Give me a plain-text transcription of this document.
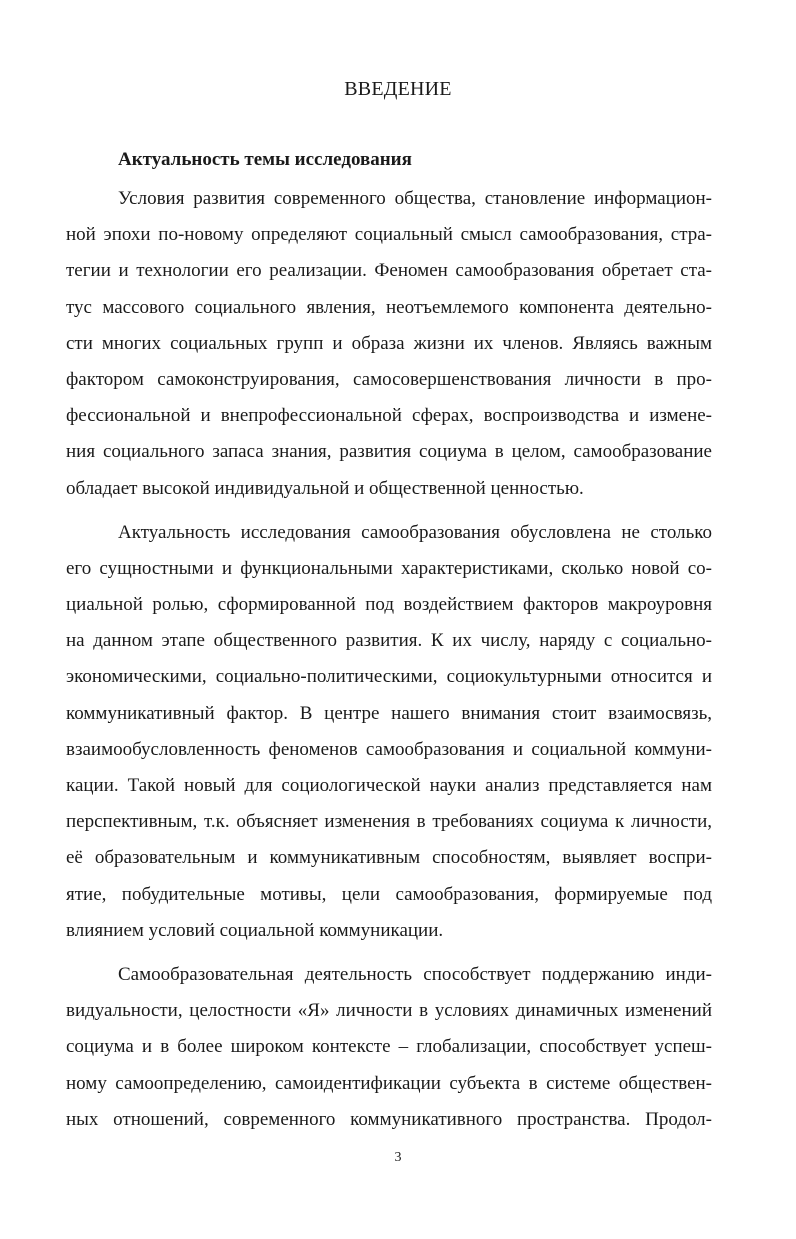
ВВЕДЕНИЕ
Актуальность темы исследования
Условия развития современного общества, становление информацион-
ной эпохи по-новому определяют социальный смысл самообразования, стра-
тегии и технологии его реализации. Феномен самообразования обретает ста-
тус массового социального явления, неотъемлемого компонента деятельно-
сти многих социальных групп и образа жизни их членов. Являясь важным
фактором самоконструирования, самосовершенствования личности в про-
фессиональной и внепрофессиональной сферах, воспроизводства и измене-
ния социального запаса знания, развития социума в целом, самообразование
обладает высокой индивидуальной и общественной ценностью.
Актуальность исследования самообразования обусловлена не столько
его сущностными и функциональными характеристиками, сколько новой со-
циальной ролью, сформированной под воздействием факторов макроуровня
на данном этапе общественного развития. К их числу, наряду с социально-
экономическими, социально-политическими, социокультурными относится и
коммуникативный фактор. В центре нашего внимания стоит взаимосвязь,
взаимообусловленность феноменов самообразования и социальной коммуни-
кации. Такой новый для социологической науки анализ представляется нам
перспективным, т.к. объясняет изменения в требованиях социума к личности,
её образовательным и коммуникативным способностям, выявляет воспри-
ятие, побудительные мотивы, цели самообразования, формируемые под
влиянием условий социальной коммуникации.
Самообразовательная деятельность способствует поддержанию инди-
видуальности, целостности «Я» личности в условиях динамичных изменений
социума и в более широком контексте – глобализации, способствует успеш-
ному самоопределению, самоидентификации субъекта в системе обществен-
ных отношений, современного коммуникативного пространства. Продол-
3
